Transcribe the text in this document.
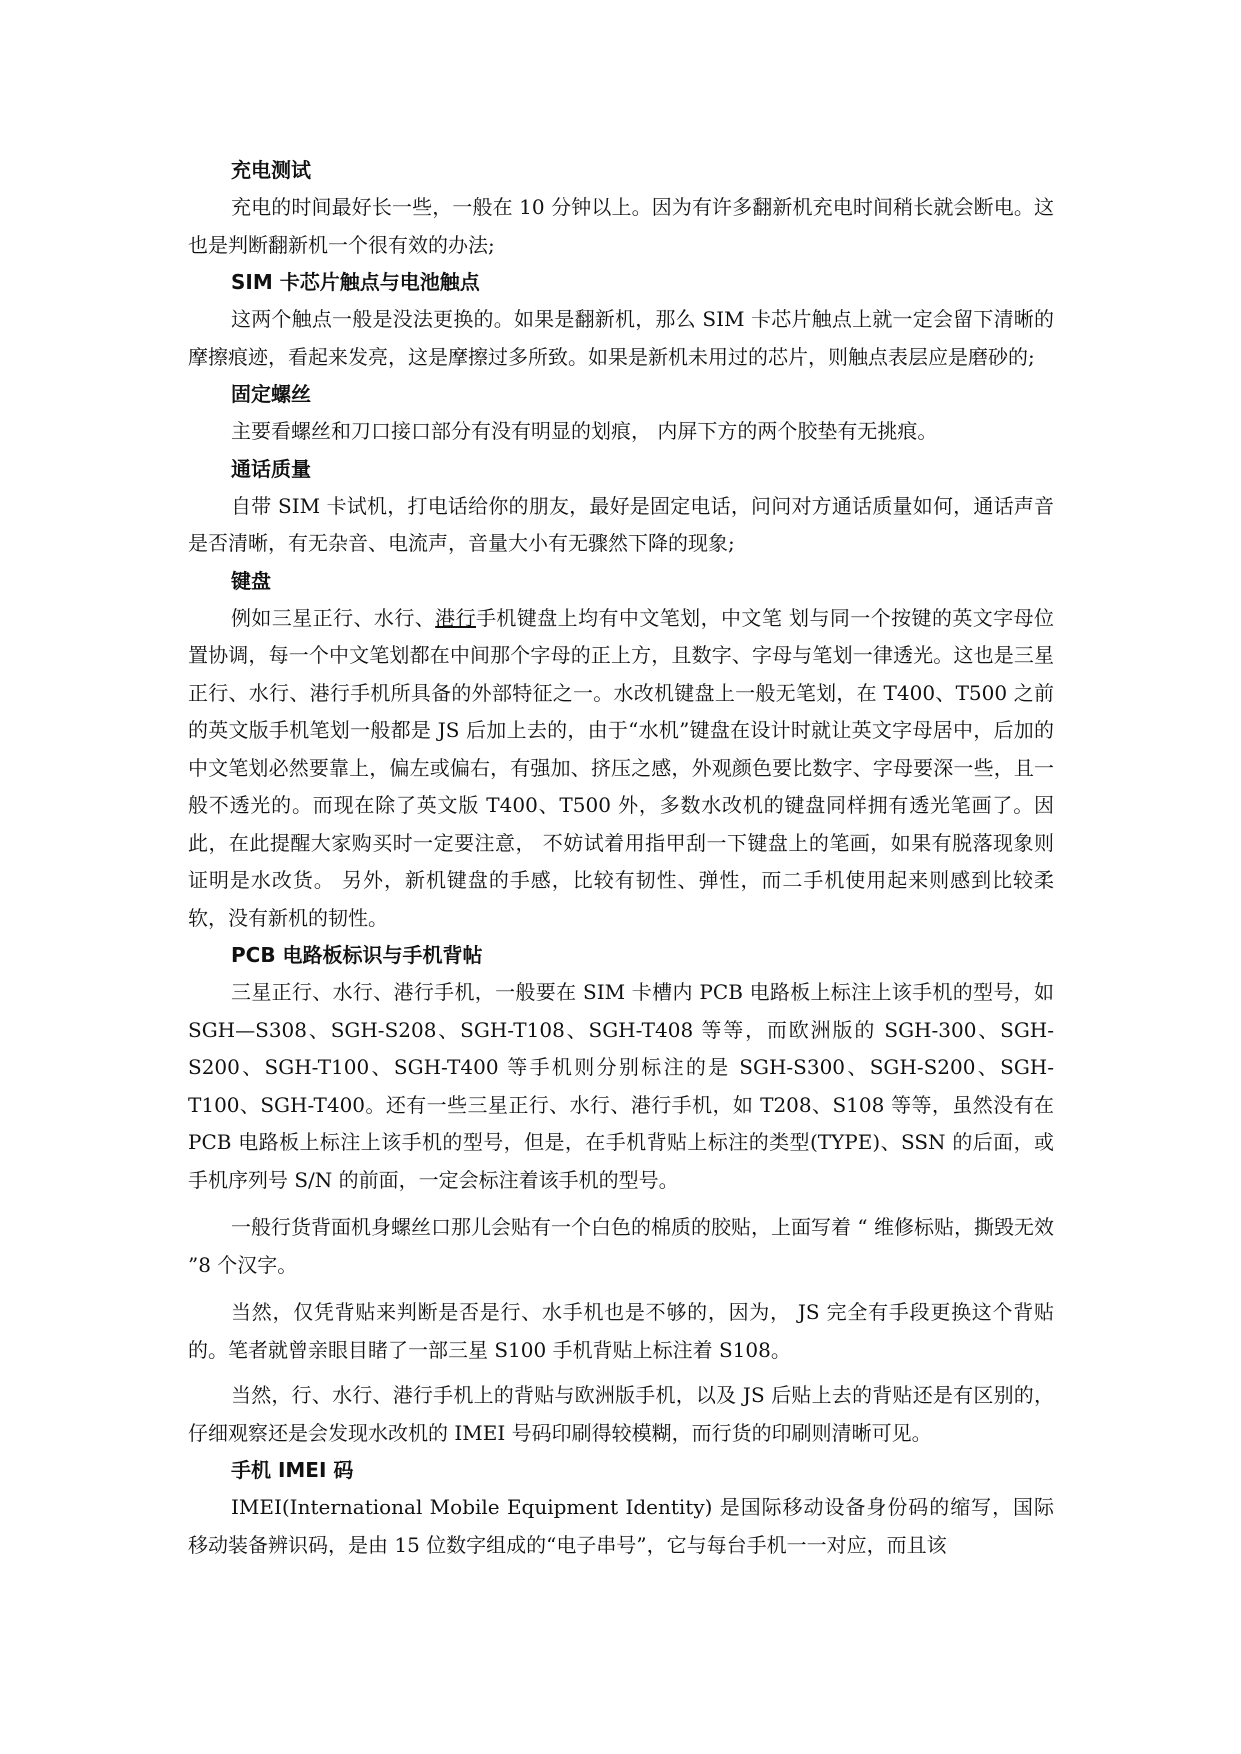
充电测试

充电的时间最好长一些，一般在 10 分钟以上。因为有许多翻新机充电时间稍长就会断电。这也是判断翻新机一个很有效的办法;

SIM 卡芯片触点与电池触点

这两个触点一般是没法更换的。如果是翻新机，那么 SIM 卡芯片触点上就一定会留下清晰的摩擦痕迹，看起来发亮，这是摩擦过多所致。如果是新机未用过的芯片，则触点表层应是磨砂的;

固定螺丝

主要看螺丝和刀口接口部分有没有明显的划痕， 内屏下方的两个胶垫有无挑痕。

通话质量

自带 SIM 卡试机，打电话给你的朋友，最好是固定电话，问问对方通话质量如何，通话声音是否清晰，有无杂音、电流声，音量大小有无骤然下降的现象;

键盘

例如三星正行、水行、港行手机键盘上均有中文笔划，中文笔 划与同一个按键的英文字母位置协调，每一个中文笔划都在中间那个字母的正上方，且数字、字母与笔划一律透光。这也是三星正行、水行、港行手机所具备的外部特征之一。水改机键盘上一般无笔划，在 T400、T500 之前的英文版手机笔划一般都是 JS 后加上去的，由于“水机”键盘在设计时就让英文字母居中，后加的中文笔划必然要靠上，偏左或偏右，有强加、挤压之感，外观颜色要比数字、字母要深一些，且一般不透光的。而现在除了英文版 T400、T500 外，多数水改机的键盘同样拥有透光笔画了。因此，在此提醒大家购买时一定要注意， 不妨试着用指甲刮一下键盘上的笔画，如果有脱落现象则证明是水改货。 另外，新机键盘的手感，比较有韧性、弹性，而二手机使用起来则感到比较柔软，没有新机的韧性。

PCB 电路板标识与手机背帖

三星正行、水行、港行手机，一般要在 SIM 卡槽内 PCB 电路板上标注上该手机的型号，如 SGH—S308、SGH-S208、SGH-T108、SGH-T408 等等，而欧洲版的 SGH-300、SGH-S200、SGH-T100、SGH-T400 等手机则分别标注的是 SGH-S300、SGH-S200、SGH-T100、SGH-T400。还有一些三星正行、水行、港行手机，如 T208、S108 等等，虽然没有在 PCB 电路板上标注上该手机的型号，但是，在手机背贴上标注的类型(TYPE)、SSN 的后面，或手机序列号 S/N 的前面，一定会标注着该手机的型号。

一般行货背面机身螺丝口那儿会贴有一个白色的棉质的胶贴，上面写着 “ 维修标贴，撕毁无效 ”8 个汉字。

当然，仅凭背贴来判断是否是行、水手机也是不够的，因为， JS 完全有手段更换这个背贴的。笔者就曾亲眼目睹了一部三星 S100 手机背贴上标注着 S108。

当然，行、水行、港行手机上的背贴与欧洲版手机，以及 JS 后贴上去的背贴还是有区别的， 仔细观察还是会发现水改机的 IMEI 号码印刷得较模糊，而行货的印刷则清晰可见。

手机 IMEI 码

IMEI(International Mobile Equipment Identity) 是国际移动设备身份码的缩写，国际移动装备辨识码，是由 15 位数字组成的“电子串号”，它与每台手机一一对应，而且该
